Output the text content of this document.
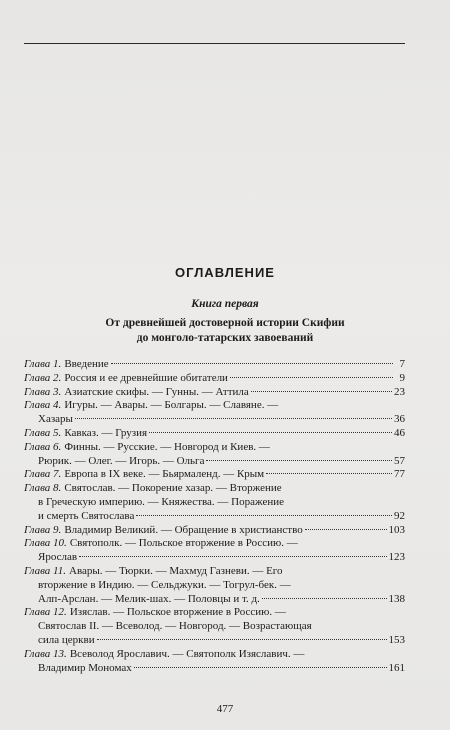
ОГЛАВЛЕНИЕ
Книга первая
От древнейшей достоверной истории Скифии
до монголо-татарских завоеваний
Глава 1. Введение	7
Глава 2. Россия и ее древнейшие обитатели	9
Глава 3. Азиатские скифы. — Гунны. — Аттила	23
Глава 4. Игуры. — Авары. — Болгары. — Славяне. —
Хазары	36
Глава 5. Кавказ. — Грузия	46
Глава 6. Финны. — Русские. — Новгород и Киев. —
Рюрик. — Олег. — Игорь. — Ольга	57
Глава 7. Европа в IX веке. — Бьярмаленд. — Крым	77
Глава 8. Святослав. — Покорение хазар. — Вторжение
в Греческую империю. — Княжества. — Поражение
и смерть Святослава	92
Глава 9. Владимир Великий. — Обращение в христианство	103
Глава 10. Святополк. — Польское вторжение в Россию. —
Ярослав	123
Глава 11. Авары. — Тюрки. — Махмуд Газневи. — Его
вторжение в Индию. — Сельджуки. — Тогрул-бек. —
Алп-Арслан. — Мелик-шах. — Половцы и т. д.	138
Глава 12. Изяслав. — Польское вторжение в Россию. —
Святослав II. — Всеволод. — Новгород. — Возрастающая
сила церкви	153
Глава 13. Всеволод Ярославич. — Святополк Изяславич. —
Владимир Мономах	161
477
